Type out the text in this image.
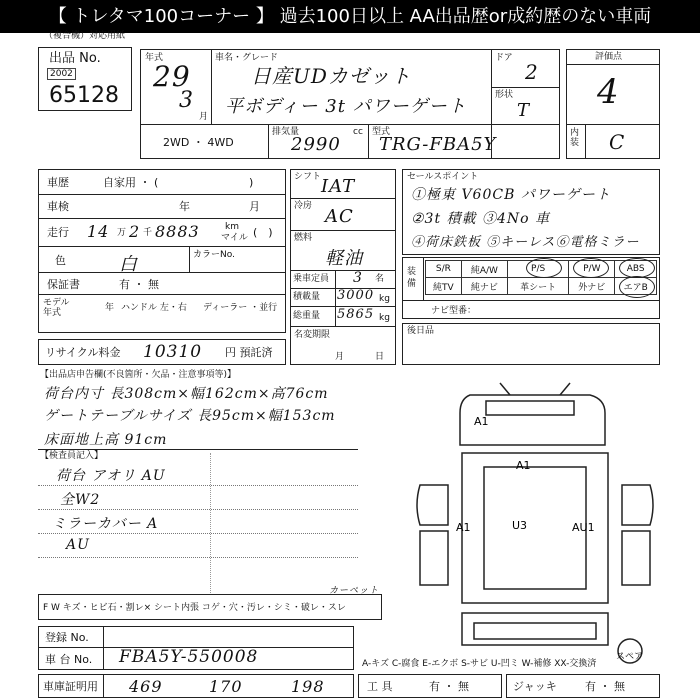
【 トレタマ100コーナー 】 過去100日以上 AA出品歴or成約歴のない車両
（複合機）対応用紙
出品 No.
2002
65128
年式
29
3
月
車名・グレード
日産UDカゼット
平ボディー 3t パワーゲート
ドア
2
形状
T
2WD ・ 4WD
排気量
2990
cc 型式
TRG-FBA5Y
評価点
4
内装 C
車歴	自家用 ・ (	)
車検	年	月
走行 14 万 2 千 8883	km
マイル (　)
色	白	カラーNo.
保証書	有 ・ 無
モデル年式	年 ハンドル 左・右 ディーラー ・並行
リサイクル料金 10310 円 預託済
シフト IAT
冷房 AC
燃料
軽油
乗車定員 3 名
積載量 3000 kg
総重量 5865 kg
名変期限
月	日
セールスポイント
①極東 V60CB パワーゲート
②3t 積載 ③4No 車
④荷床鉄板 ⑤キーレス⑥電格ミラー
装備
S/R	純A/W	P/S	P/W	ABS
純TV	純ナビ	革シート	外ナビ	エアB
ナビ型番：
後日品
【出品店申告欄(不良箇所・欠品・注意事項等)】
荷台内寸 長308cm×幅162cm×高76cm
ゲートテーブルサイズ 長95cm×幅153cm
床面地上高 91cm
【検査員記入】
荷台 アオリ AU
全W2
ミラーカバー A
AU
A1
A1
A1	U3	AU1
スペア
F W キズ・ヒビ石・割レ× シート内張 コゲ・穴・汚レ・シミ・破レ・スレ
カーペット
登録 No.
車 台 No. FBA5Y-550008	A-キズ C-腐食 E-エクボ S-サビ U-凹ミ W-補修 XX-交換済
車庫証明用 469	170	198	工 具	有 ・ 無	ジャッキ	有 ・ 無
